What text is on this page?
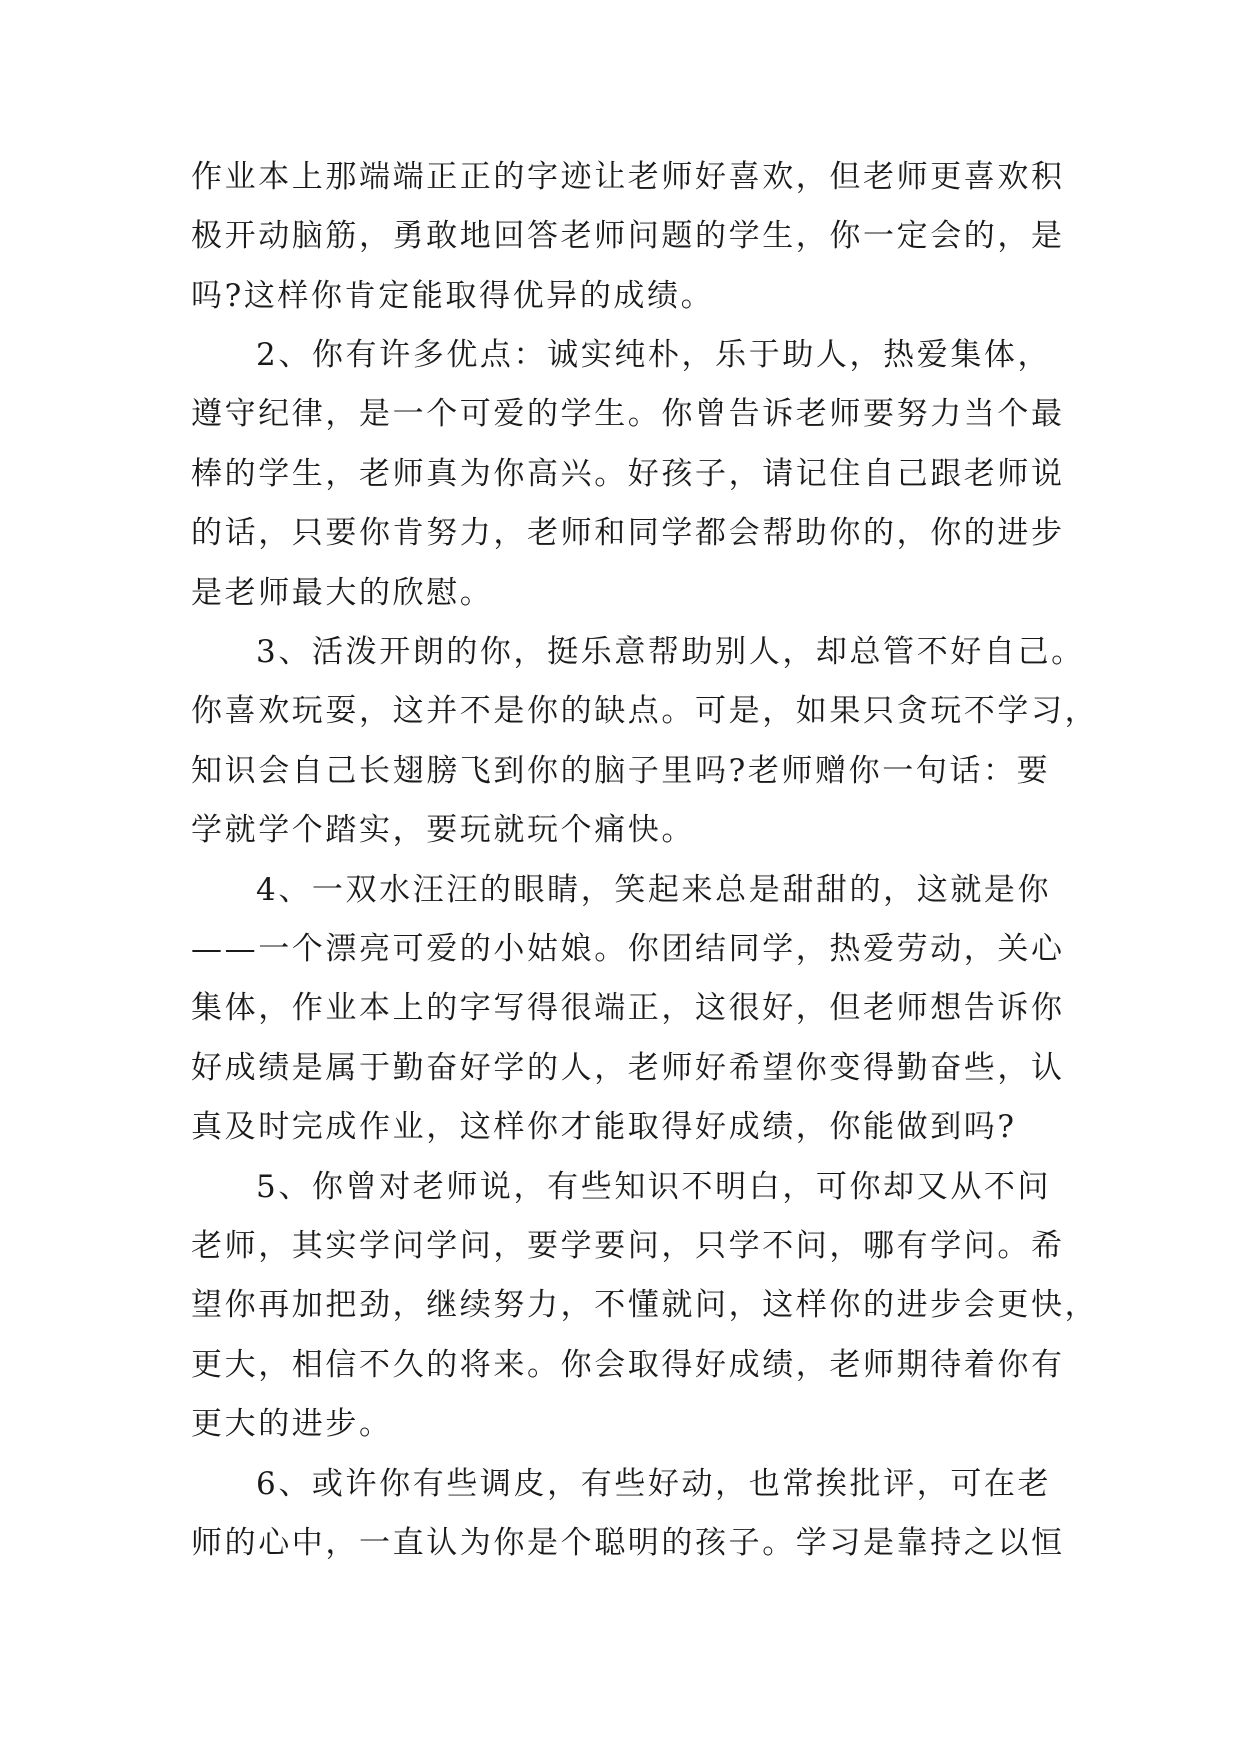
作业本上那端端正正的字迹让老师好喜欢，但老师更喜欢积
极开动脑筋，勇敢地回答老师问题的学生，你一定会的，是
吗?这样你肯定能取得优异的成绩。
2、你有许多优点：诚实纯朴，乐于助人，热爱集体，
遵守纪律，是一个可爱的学生。你曾告诉老师要努力当个最
棒的学生，老师真为你高兴。好孩子，请记住自己跟老师说
的话，只要你肯努力，老师和同学都会帮助你的，你的进步
是老师最大的欣慰。
3、活泼开朗的你，挺乐意帮助别人，却总管不好自己。
你喜欢玩耍，这并不是你的缺点。可是，如果只贪玩不学习，
知识会自己长翅膀飞到你的脑子里吗?老师赠你一句话：要
学就学个踏实，要玩就玩个痛快。
4、一双水汪汪的眼睛，笑起来总是甜甜的，这就是你
——一个漂亮可爱的小姑娘。你团结同学，热爱劳动，关心
集体，作业本上的字写得很端正，这很好，但老师想告诉你
好成绩是属于勤奋好学的人，老师好希望你变得勤奋些，认
真及时完成作业，这样你才能取得好成绩，你能做到吗?
5、你曾对老师说，有些知识不明白，可你却又从不问
老师，其实学问学问，要学要问，只学不问，哪有学问。希
望你再加把劲，继续努力，不懂就问，这样你的进步会更快，
更大，相信不久的将来。你会取得好成绩，老师期待着你有
更大的进步。
6、或许你有些调皮，有些好动，也常挨批评，可在老
师的心中，一直认为你是个聪明的孩子。学习是靠持之以恒
